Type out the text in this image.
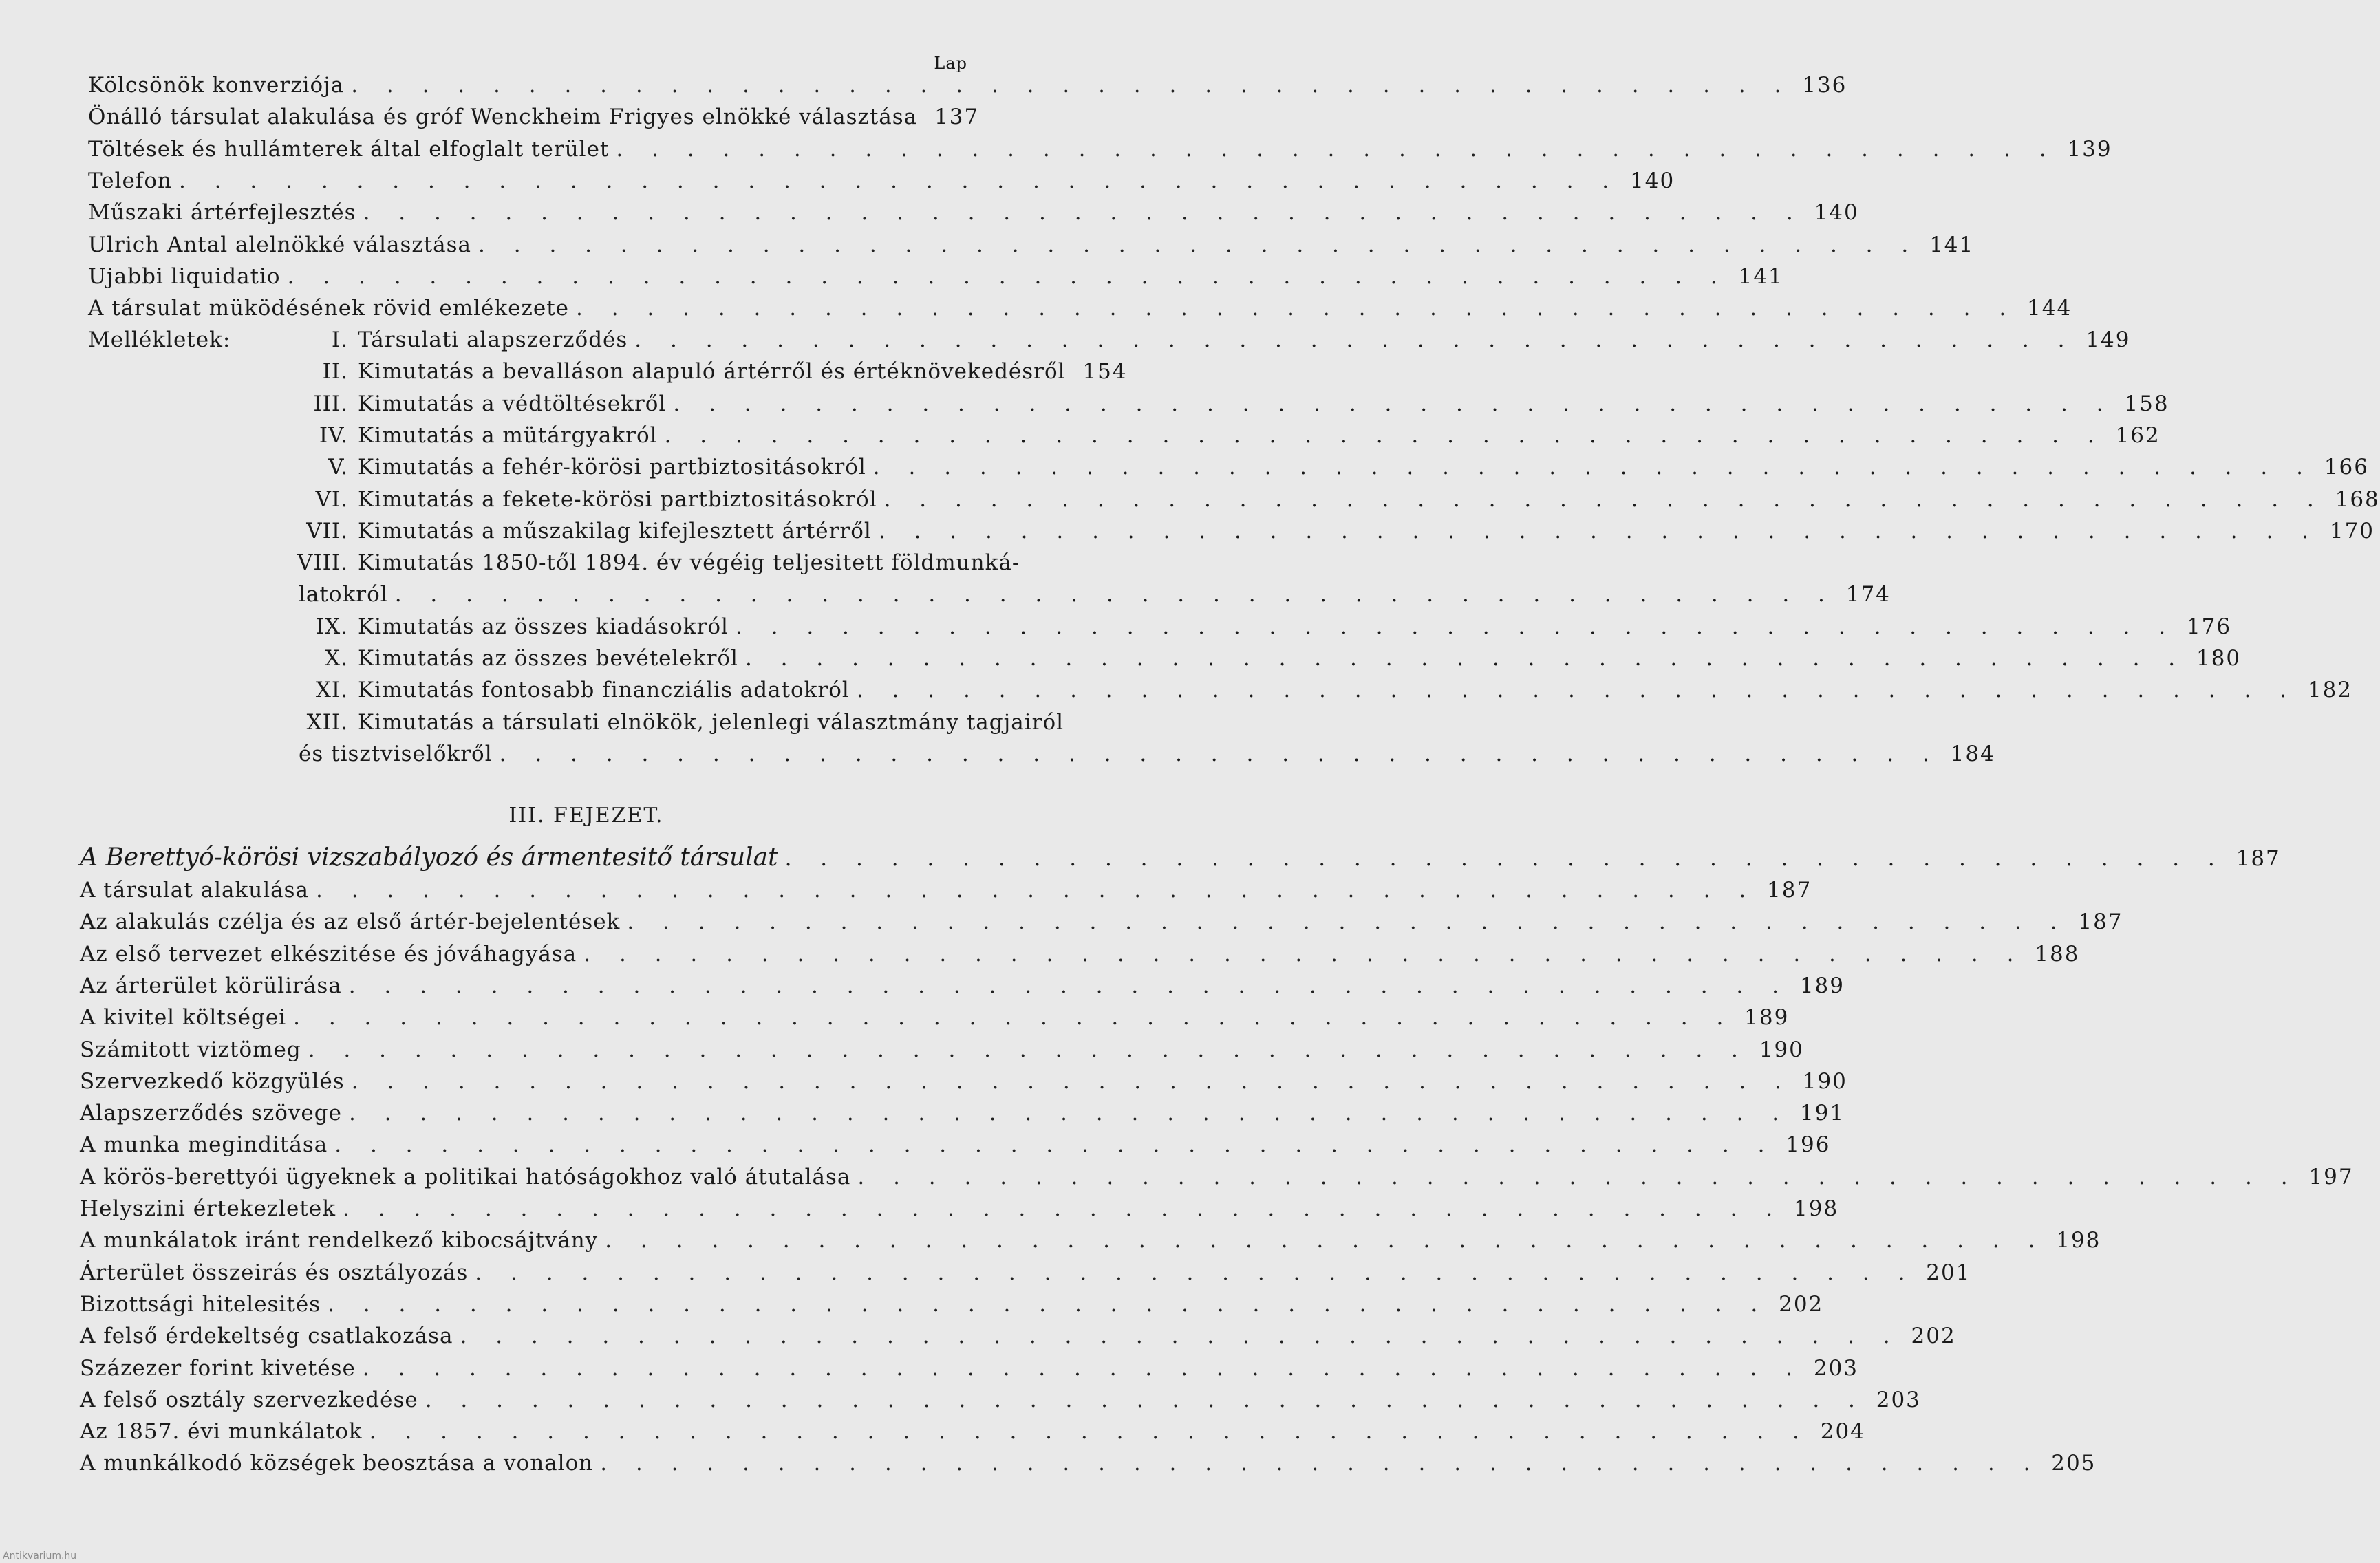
Lap
Kölcsönök konverziója . . . . . . . . . . . . . . . . . . . . . . . . . . . . . . . . . . . . . . . . . 136
Önálló társulat alakulása és gróf Wenckheim Frigyes elnökké választása 137
Töltések és hullámterek által elfoglalt terület . . . . . . . . . . . . . . . . . . . . . . . . . . . . . . . . . . . . . . . . . 139
Telefon . . . . . . . . . . . . . . . . . . . . . . . . . . . . . . . . . . . . . . . . . 140
Műszaki ártérfejlesztés . . . . . . . . . . . . . . . . . . . . . . . . . . . . . . . . . . . . . . . . . 140
Ulrich Antal alelnökké választása . . . . . . . . . . . . . . . . . . . . . . . . . . . . . . . . . . . . . . . . . 141
Ujabbi liquidatio . . . . . . . . . . . . . . . . . . . . . . . . . . . . . . . . . . . . . . . . . 141
A társulat müködésének rövid emlékezete . . . . . . . . . . . . . . . . . . . . . . . . . . . . . . . . . . . . . . . . . 144
Mellékletek:	I. Társulati alapszerződés . . . . . . . . . . . . . . . . . . . . . . . . . . . . . . . . . . . . . . . . . 149
II. Kimutatás a bevalláson alapuló ártérről és értéknövekedésről 154
III. Kimutatás a védtöltésekről . . . . . . . . . . . . . . . . . . . . . . . . . . . . . . . . . . . . . . . . . 158
IV. Kimutatás a mütárgyakról . . . . . . . . . . . . . . . . . . . . . . . . . . . . . . . . . . . . . . . . . 162
V. Kimutatás a fehér-körösi partbiztositásokról . . . . . . . . . . . . . . . . . . . . . . . . . . . . . . . . . . . . . . . . . 166
VI. Kimutatás a fekete-körösi partbiztositásokról . . . . . . . . . . . . . . . . . . . . . . . . . . . . . . . . . . . . . . . . . 168
VII. Kimutatás a műszakilag kifejlesztett ártérről . . . . . . . . . . . . . . . . . . . . . . . . . . . . . . . . . . . . . . . . . 170
VIII. Kimutatás 1850-től 1894. év végéig teljesitett földmunká-
latokról . . . . . . . . . . . . . . . . . . . . . . . . . . . . . . . . . . . . . . . . . 174
IX. Kimutatás az összes kiadásokról . . . . . . . . . . . . . . . . . . . . . . . . . . . . . . . . . . . . . . . . . 176
X. Kimutatás az összes bevételekről . . . . . . . . . . . . . . . . . . . . . . . . . . . . . . . . . . . . . . . . . 180
XI. Kimutatás fontosabb financziális adatokról . . . . . . . . . . . . . . . . . . . . . . . . . . . . . . . . . . . . . . . . . 182
XII. Kimutatás a társulati elnökök, jelenlegi választmány tagjairól
és tisztviselőkről . . . . . . . . . . . . . . . . . . . . . . . . . . . . . . . . . . . . . . . . . 184
III. FEJEZET.
A Berettyó-körösi vizszabályozó és ármentesitő társulat . . . . . . . . . . . . . . . . . . . . . . . . . . . . . . . . . . . . . . . . . 187
A társulat alakulása . . . . . . . . . . . . . . . . . . . . . . . . . . . . . . . . . . . . . . . . . 187
Az alakulás czélja és az első ártér-bejelentések . . . . . . . . . . . . . . . . . . . . . . . . . . . . . . . . . . . . . . . . . 187
Az első tervezet elkészitése és jóváhagyása . . . . . . . . . . . . . . . . . . . . . . . . . . . . . . . . . . . . . . . . . 188
Az árterület körülirása . . . . . . . . . . . . . . . . . . . . . . . . . . . . . . . . . . . . . . . . . 189
A kivitel költségei . . . . . . . . . . . . . . . . . . . . . . . . . . . . . . . . . . . . . . . . . 189
Számitott viztömeg . . . . . . . . . . . . . . . . . . . . . . . . . . . . . . . . . . . . . . . . . 190
Szervezkedő közgyülés . . . . . . . . . . . . . . . . . . . . . . . . . . . . . . . . . . . . . . . . . 190
Alapszerződés szövege . . . . . . . . . . . . . . . . . . . . . . . . . . . . . . . . . . . . . . . . . 191
A munka meginditása . . . . . . . . . . . . . . . . . . . . . . . . . . . . . . . . . . . . . . . . . 196
A körös-berettyói ügyeknek a politikai hatóságokhoz való átutalása . . . . . . . . . . . . . . . . . . . . . . . . . . . . . . . . . . . . . . . . . 197
Helyszini értekezletek . . . . . . . . . . . . . . . . . . . . . . . . . . . . . . . . . . . . . . . . . 198
A munkálatok iránt rendelkező kibocsájtvány . . . . . . . . . . . . . . . . . . . . . . . . . . . . . . . . . . . . . . . . . 198
Árterület összeirás és osztályozás . . . . . . . . . . . . . . . . . . . . . . . . . . . . . . . . . . . . . . . . . 201
Bizottsági hitelesités . . . . . . . . . . . . . . . . . . . . . . . . . . . . . . . . . . . . . . . . . 202
A felső érdekeltség csatlakozása . . . . . . . . . . . . . . . . . . . . . . . . . . . . . . . . . . . . . . . . . 202
Százezer forint kivetése . . . . . . . . . . . . . . . . . . . . . . . . . . . . . . . . . . . . . . . . . 203
A felső osztály szervezkedése . . . . . . . . . . . . . . . . . . . . . . . . . . . . . . . . . . . . . . . . . 203
Az 1857. évi munkálatok . . . . . . . . . . . . . . . . . . . . . . . . . . . . . . . . . . . . . . . . . 204
A munkálkodó községek beosztása a vonalon . . . . . . . . . . . . . . . . . . . . . . . . . . . . . . . . . . . . . . . . . 205
Antikvarium.hu
